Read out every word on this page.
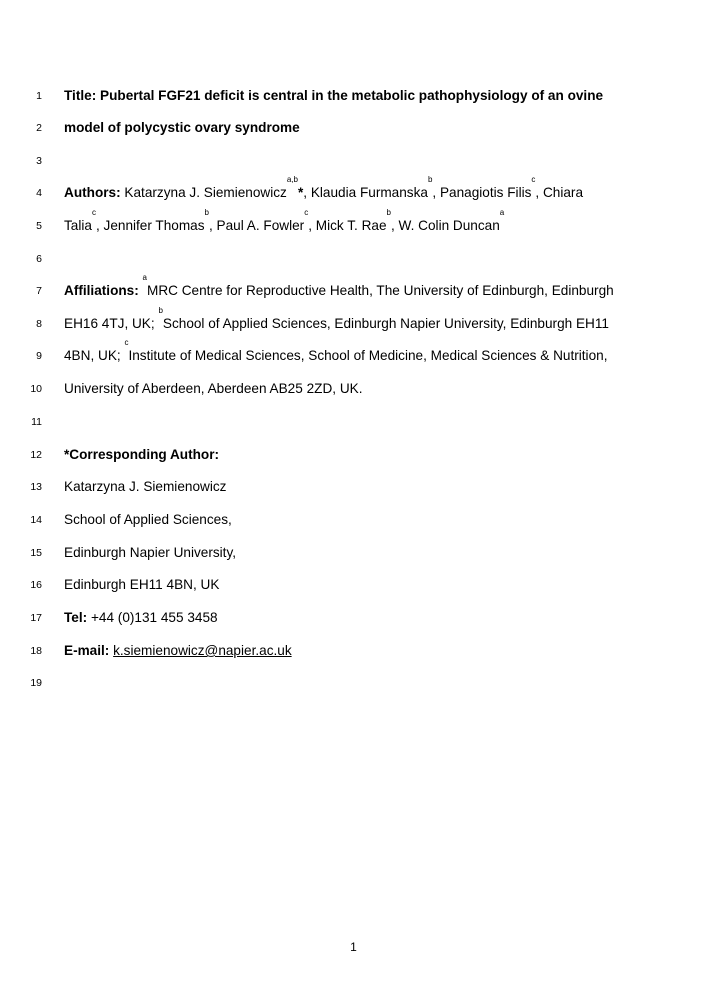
1 Title: Pubertal FGF21 deficit is central in the metabolic pathophysiology of an ovine
2 model of polycystic ovary syndrome
3
4 Authors: Katarzyna J. Siemienowicz$^{a,b}$*, Klaudia Furmanska$^b$, Panagiotis Filis$^c$, Chiara
5 Talia$^c$, Jennifer Thomas$^b$, Paul A. Fowler$^c$, Mick T. Rae$^b$, W. Colin Duncan$^a$
6
7 Affiliations: $^a$MRC Centre for Reproductive Health, The University of Edinburgh, Edinburgh
8 EH16 4TJ, UK; $^b$School of Applied Sciences, Edinburgh Napier University, Edinburgh EH11
9 4BN, UK; $^c$Institute of Medical Sciences, School of Medicine, Medical Sciences & Nutrition,
10 University of Aberdeen, Aberdeen AB25 2ZD, UK.
11
12 *Corresponding Author:
13 Katarzyna J. Siemienowicz
14 School of Applied Sciences,
15 Edinburgh Napier University,
16 Edinburgh EH11 4BN, UK
17 Tel: +44 (0)131 455 3458
18 E-mail: k.siemienowicz@napier.ac.uk
19
1
